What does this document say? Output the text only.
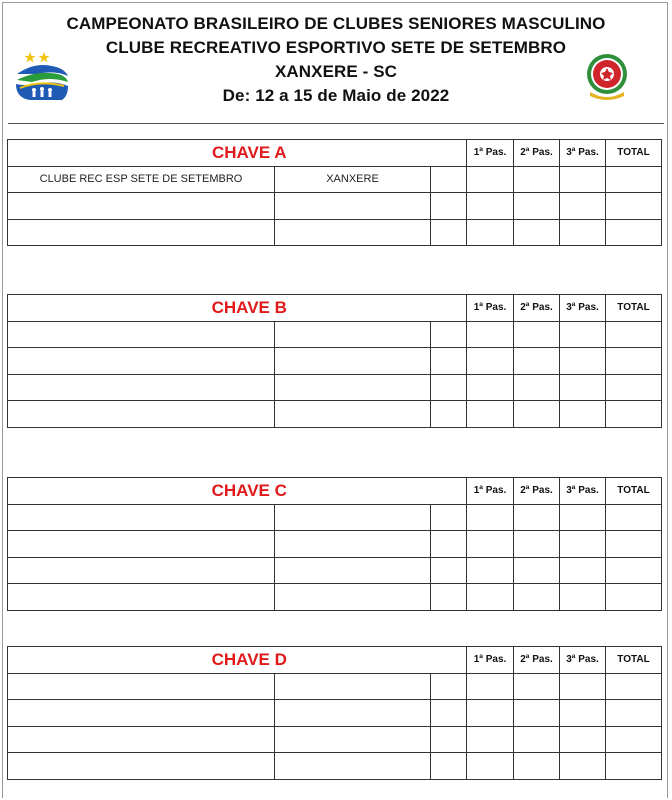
CAMPEONATO BRASILEIRO DE CLUBES SENIORES MASCULINO
CLUBE RECREATIVO ESPORTIVO SETE DE SETEMBRO
XANXERE - SC
De: 12 a 15 de Maio de 2022
CHAVE A			1ª Pas.	2ª Pas.	3ª Pas.	TOTAL
CLUBE REC ESP SETE DE SETEMBRO	XANXERE					

CHAVE B			1ª Pas.	2ª Pas.	3ª Pas.	TOTAL

CHAVE C			1ª Pas.	2ª Pas.	3ª Pas.	TOTAL

CHAVE D			1ª Pas.	2ª Pas.	3ª Pas.	TOTAL
